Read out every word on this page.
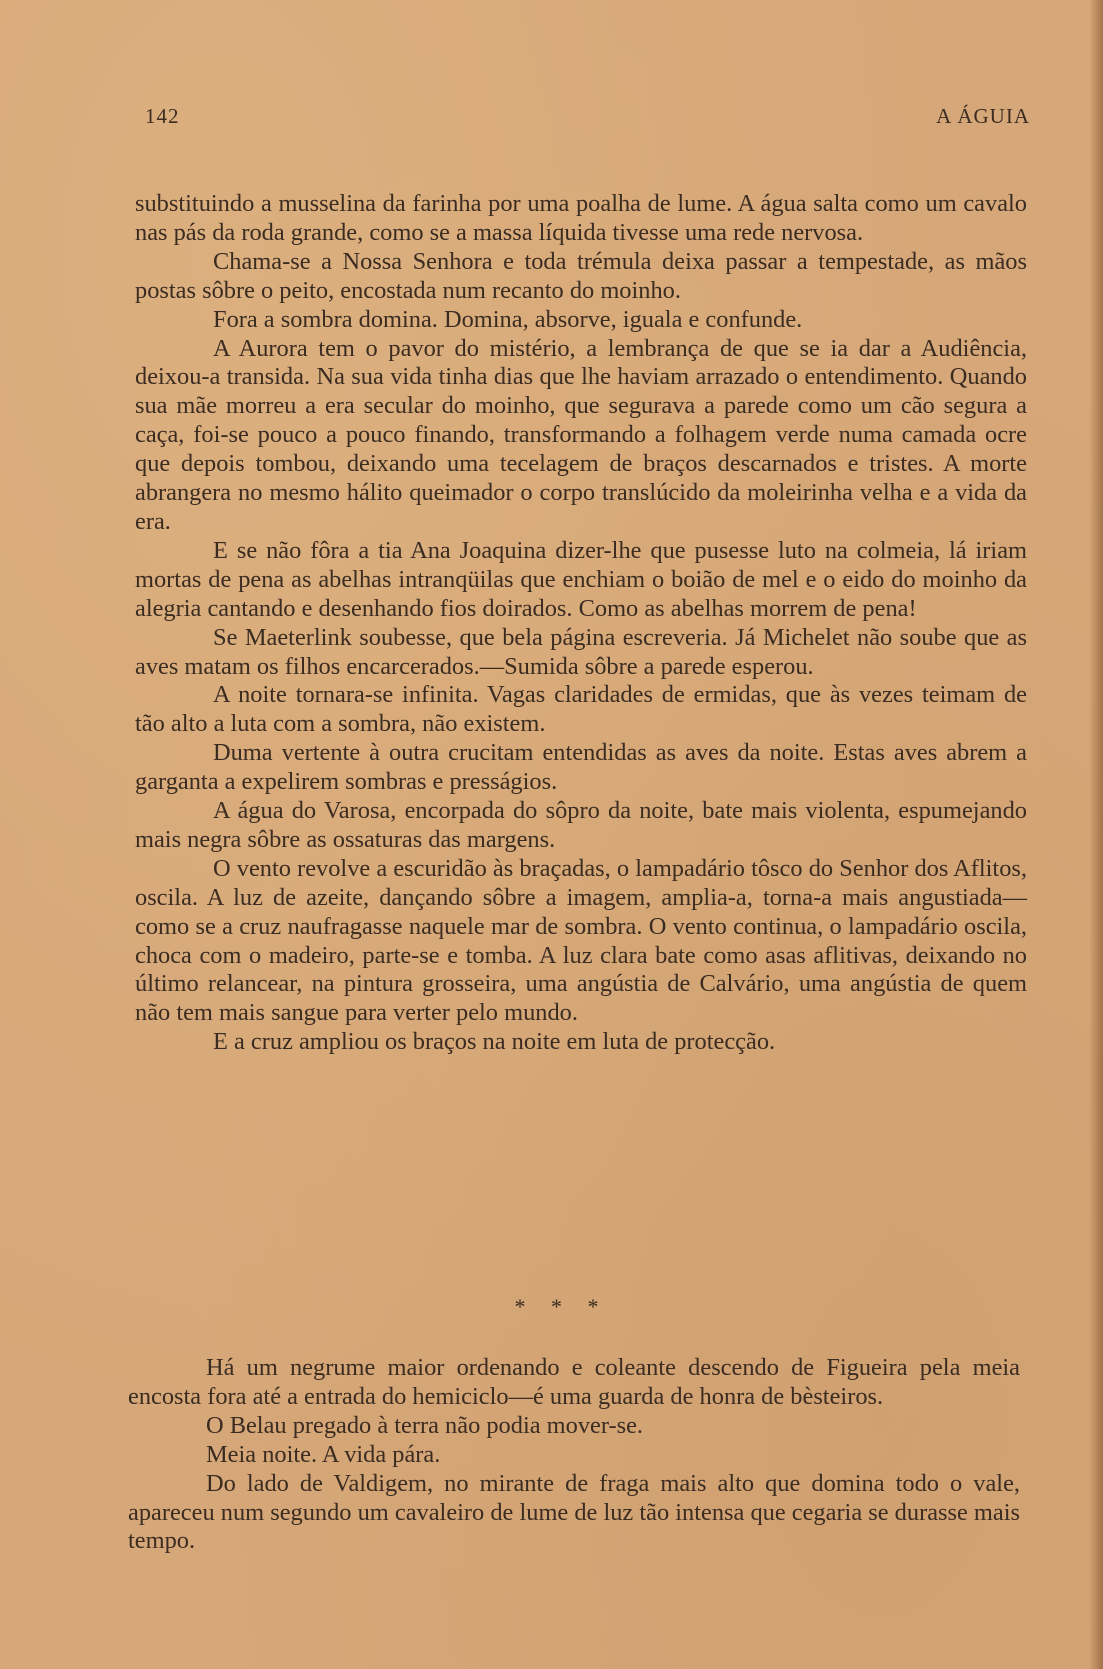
142	A ÁGUIA

substituindo a musselina da farinha por uma poalha de lume. A água salta como um cavalo nas pás da roda grande, como se a massa líquida tivesse uma rede nervosa.

Chama-se a Nossa Senhora e toda trémula deixa passar a tempestade, as mãos postas sôbre o peito, encostada num recanto do moinho.

Fora a sombra domina. Domina, absorve, iguala e confunde.

A Aurora tem o pavor do mistério, a lembrança de que se ia dar a Audiência, deixou-a transida. Na sua vida tinha dias que lhe haviam arrazado o entendimento. Quando sua mãe morreu a era secular do moinho, que segurava a parede como um cão segura a caça, foi-se pouco a pouco finando, transformando a folhagem verde numa camada ocre que depois tombou, deixando uma tecelagem de braços descarnados e tristes. A morte abrangera no mesmo hálito queimador o corpo translúcido da moleirinha velha e a vida da era.

E se não fôra a tia Ana Joaquina dizer-lhe que pusesse luto na colmeia, lá iriam mortas de pena as abelhas intranqüilas que enchiam o boião de mel e o eido do moinho da alegria cantando e desenhando fios doirados. Como as abelhas morrem de pena!

Se Maeterlink soubesse, que bela página escreveria. Já Michelet não soube que as aves matam os filhos encarcerados.—Sumida sôbre a parede esperou.

A noite tornara-se infinita. Vagas claridades de ermidas, que às vezes teimam de tão alto a luta com a sombra, não existem.

Duma vertente à outra crucitam entendidas as aves da noite. Estas aves abrem a garganta a expelirem sombras e presságios.

A água do Varosa, encorpada do sôpro da noite, bate mais violenta, espumejando mais negra sôbre as ossaturas das margens.

O vento revolve a escuridão às braçadas, o lampadário tôsco do Senhor dos Aflitos, oscila. A luz de azeite, dançando sôbre a imagem, amplia-a, torna-a mais angustiada—como se a cruz naufragasse naquele mar de sombra. O vento continua, o lampadário oscila, choca com o madeiro, parte-se e tomba. A luz clara bate como asas aflitivas, deixando no último relancear, na pintura grosseira, uma angústia de Calvário, uma angústia de quem não tem mais sangue para verter pelo mundo.

E a cruz ampliou os braços na noite em luta de protecção.

* * *

Há um negrume maior ordenando e coleante descendo de Figueira pela meia encosta fora até a entrada do hemiciclo—é uma guarda de honra de bèsteiros.

O Belau pregado à terra não podia mover-se.

Meia noite. A vida pára.

Do lado de Valdigem, no mirante de fraga mais alto que domina todo o vale, apareceu num segundo um cavaleiro de lume de luz tão intensa que cegaria se durasse mais tempo.
